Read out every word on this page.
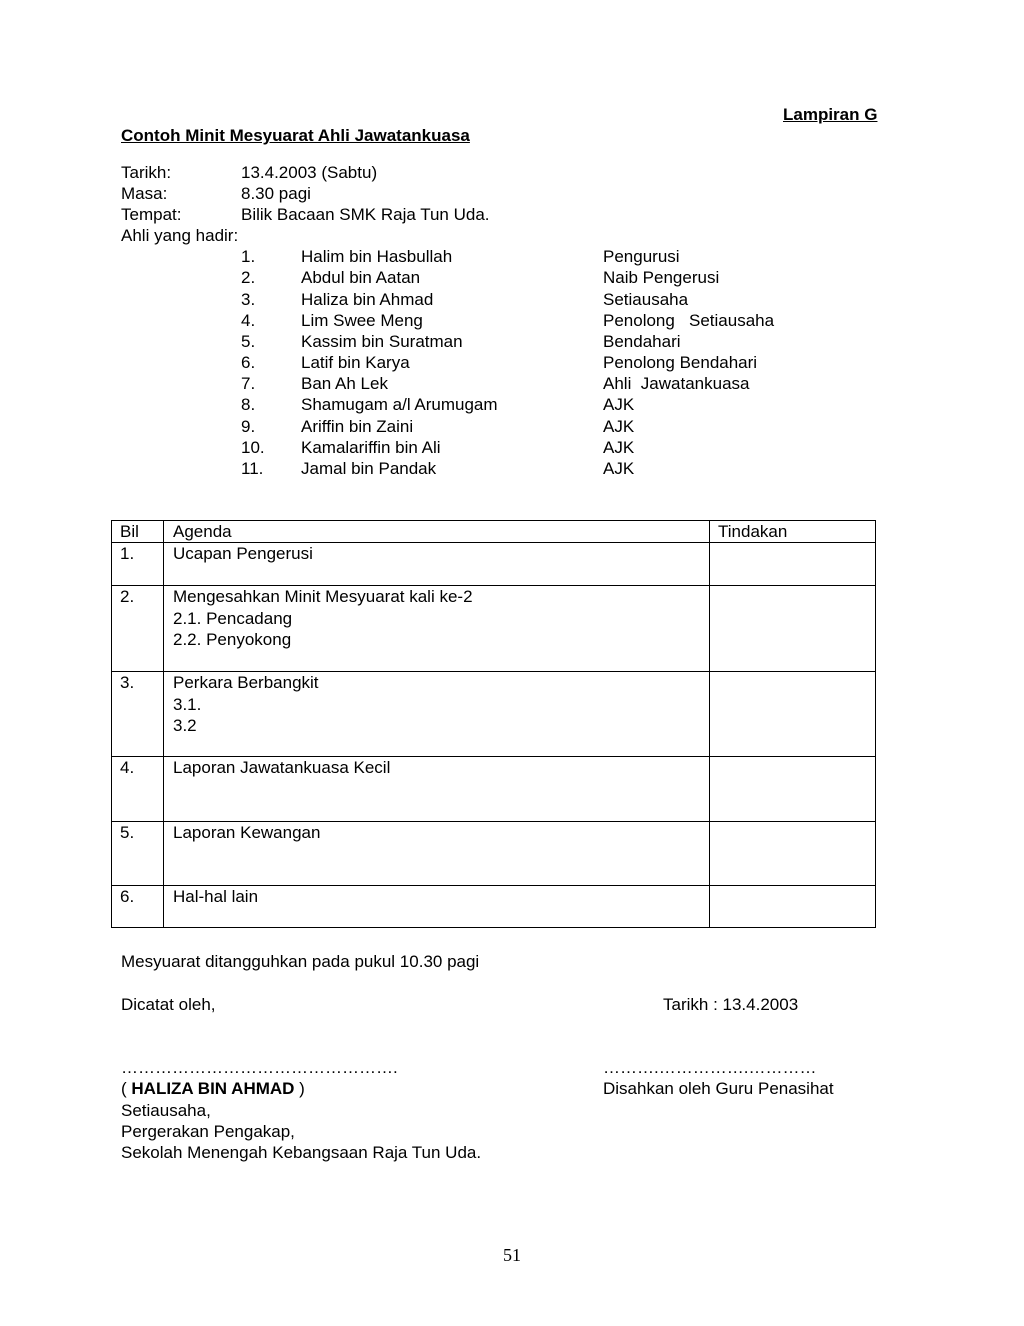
Lampiran G
Contoh Minit Mesyuarat Ahli Jawatankuasa
Tarikh:	13.4.2003 (Sabtu)
Masa:	8.30 pagi
Tempat:	Bilik Bacaan SMK Raja Tun Uda.
Ahli yang hadir:
1.	Halim bin Hasbullah	Pengurusi
2.	Abdul bin Aatan	Naib Pengerusi
3.	Haliza bin Ahmad	Setiausaha
4.	Lim Swee Meng	Penolong   Setiausaha
5.	Kassim bin Suratman	Bendahari
6.	Latif bin Karya	Penolong Bendahari
7.	Ban Ah Lek	Ahli  Jawatankuasa
8.	Shamugam a/l Arumugam	AJK
9.	Ariffin bin Zaini	AJK
10. Kamalariffin bin Ali	AJK
11. Jamal bin Pandak	AJK
Bil	Agenda	Tindakan
1.	Ucapan Pengerusi	
2.	Mengesahkan Minit Mesyuarat kali ke-2
2.1. Pencadang
2.2. Penyokong	

3.	Perkara Berbangkit
3.1.
3.2	

4.	Laporan Jawatankuasa Kecil	
5.	Laporan Kewangan	
6.	Hal-hal lain	
Mesyuarat ditangguhkan pada pukul 10.30 pagi
Dicatat oleh,	Tarikh : 13.4.2003
………………………………………….	……….…………….…………
( HALIZA BIN AHMAD )	Disahkan oleh Guru Penasihat
Setiausaha,
Pergerakan Pengakap,
Sekolah Menengah Kebangsaan Raja Tun Uda.
51
